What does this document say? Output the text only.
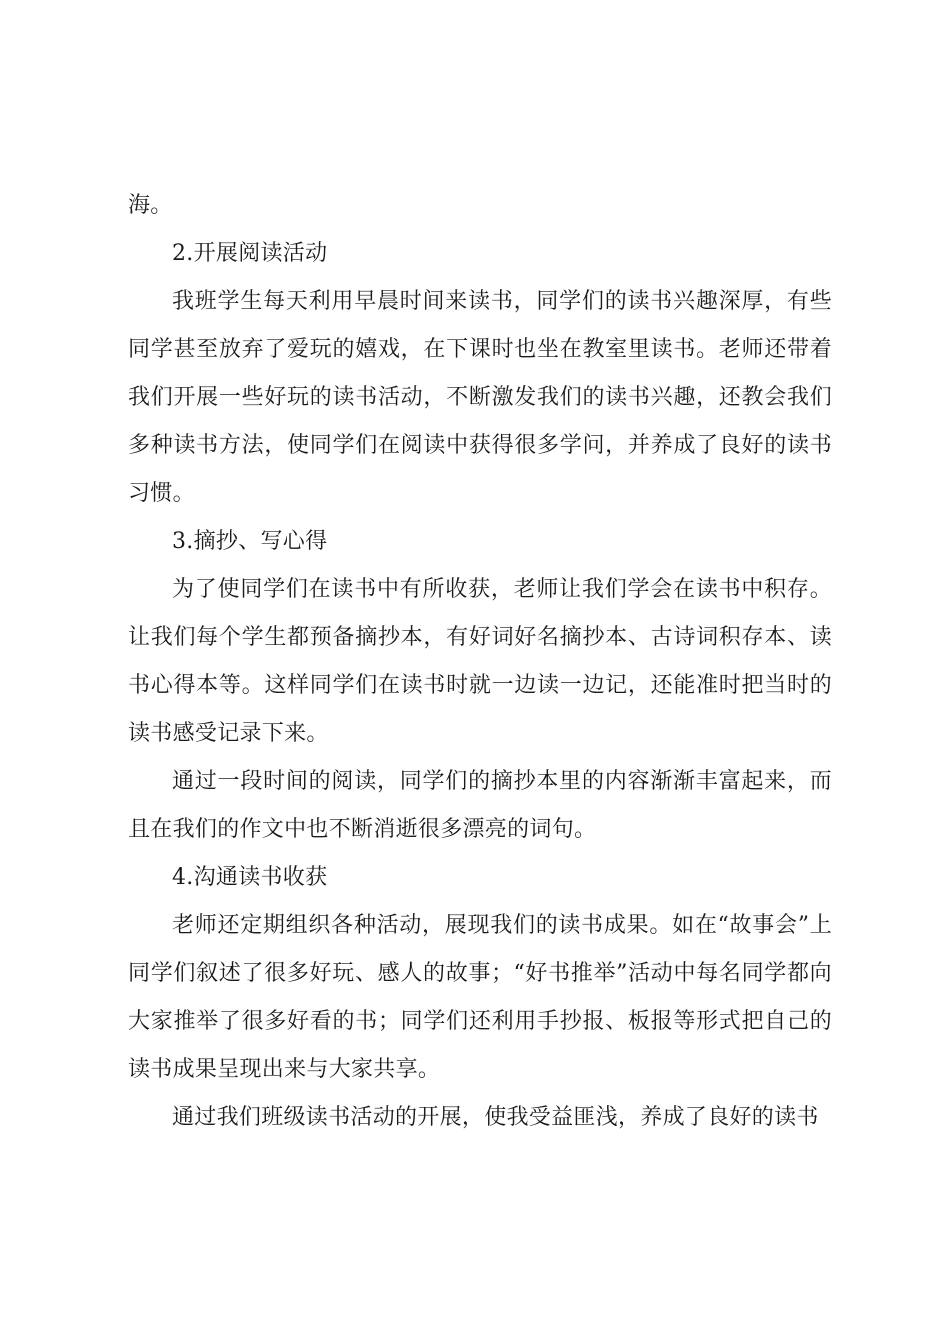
海。

2.开展阅读活动

我班学生每天利用早晨时间来读书，同学们的读书兴趣深厚，有些同学甚至放弃了爱玩的嬉戏，在下课时也坐在教室里读书。老师还带着我们开展一些好玩的读书活动，不断激发我们的读书兴趣，还教会我们多种读书方法，使同学们在阅读中获得很多学问，并养成了良好的读书习惯。

3.摘抄、写心得

为了使同学们在读书中有所收获，老师让我们学会在读书中积存。让我们每个学生都预备摘抄本，有好词好名摘抄本、古诗词积存本、读书心得本等。这样同学们在读书时就一边读一边记，还能准时把当时的读书感受记录下来。

通过一段时间的阅读，同学们的摘抄本里的内容渐渐丰富起来，而且在我们的作文中也不断消逝很多漂亮的词句。

4.沟通读书收获

老师还定期组织各种活动，展现我们的读书成果。如在“故事会”上同学们叙述了很多好玩、感人的故事；“好书推举”活动中每名同学都向大家推举了很多好看的书；同学们还利用手抄报、板报等形式把自己的读书成果呈现出来与大家共享。

通过我们班级读书活动的开展，使我受益匪浅，养成了良好的读书
